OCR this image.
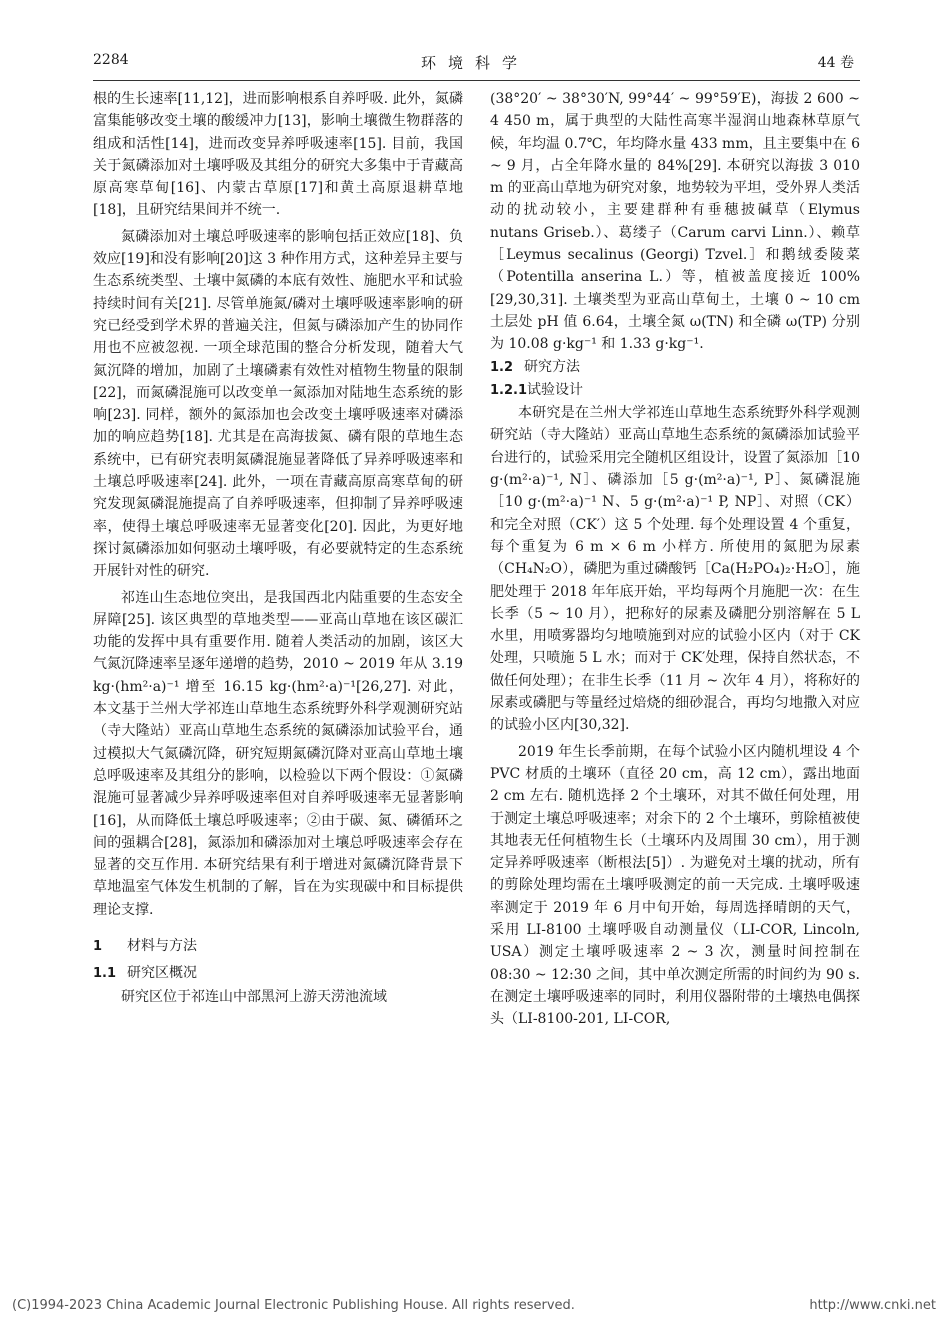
2284	环境科学	44 卷

根的生长速率[11,12]，进而影响根系自养呼吸. 此外，氮磷富集能够改变土壤的酸缓冲力[13]，影响土壤微生物群落的组成和活性[14]，进而改变异养呼吸速率[15]. 目前，我国关于氮磷添加对土壤呼吸及其组分的研究大多集中于青藏高原高寒草甸[16]、内蒙古草原[17]和黄土高原退耕草地[18]，且研究结果间并不统一.

氮磷添加对土壤总呼吸速率的影响包括正效应[18]、负效应[19]和没有影响[20]这 3 种作用方式，这种差异主要与生态系统类型、土壤中氮磷的本底有效性、施肥水平和试验持续时间有关[21]. 尽管单施氮/磷对土壤呼吸速率影响的研究已经受到学术界的普遍关注，但氮与磷添加产生的协同作用也不应被忽视. 一项全球范围的整合分析发现，随着大气氮沉降的增加，加剧了土壤磷素有效性对植物生物量的限制[22]，而氮磷混施可以改变单一氮添加对陆地生态系统的影响[23]. 同样，额外的氮添加也会改变土壤呼吸速率对磷添加的响应趋势[18]. 尤其是在高海拔氮、磷有限的草地生态系统中，已有研究表明氮磷混施显著降低了异养呼吸速率和土壤总呼吸速率[24]. 此外，一项在青藏高原高寒草甸的研究发现氮磷混施提高了自养呼吸速率，但抑制了异养呼吸速率，使得土壤总呼吸速率无显著变化[20]. 因此，为更好地探讨氮磷添加如何驱动土壤呼吸，有必要就特定的生态系统开展针对性的研究.

祁连山生态地位突出，是我国西北内陆重要的生态安全屏障[25]. 该区典型的草地类型——亚高山草地在该区碳汇功能的发挥中具有重要作用. 随着人类活动的加剧，该区大气氮沉降速率呈逐年递增的趋势，2010 ~ 2019 年从 3.19 kg·(hm²·a)⁻¹ 增至 16.15 kg·(hm²·a)⁻¹[26,27]. 对此，本文基于兰州大学祁连山草地生态系统野外科学观测研究站（寺大隆站）亚高山草地生态系统的氮磷添加试验平台，通过模拟大气氮磷沉降，研究短期氮磷沉降对亚高山草地土壤总呼吸速率及其组分的影响，以检验以下两个假设：①氮磷混施可显著减少异养呼吸速率但对自养呼吸速率无显著影响[16]，从而降低土壤总呼吸速率；②由于碳、氮、磷循环之间的强耦合[28]，氮添加和磷添加对土壤总呼吸速率会存在显著的交互作用. 本研究结果有利于增进对氮磷沉降背景下草地温室气体发生机制的了解，旨在为实现碳中和目标提供理论支撑.

1 材料与方法
1.1 研究区概况

研究区位于祁连山中部黑河上游天涝池流域

(38°20′ ~ 38°30′N, 99°44′ ~ 99°59′E)，海拔 2 600 ~ 4 450 m，属于典型的大陆性高寒半湿润山地森林草原气候，年均温 0.7℃，年均降水量 433 mm，且主要集中在 6 ~ 9 月，占全年降水量的 84%[29]. 本研究以海拔 3 010 m 的亚高山草地为研究对象，地势较为平坦，受外界人类活动的扰动较小，主要建群种有垂穗披碱草（Elymus nutans Griseb.）、葛缕子（Carum carvi Linn.）、赖草［Leymus secalinus (Georgi) Tzvel.］和鹅绒委陵菜（Potentilla anserina L.）等，植被盖度接近 100%[29,30,31]. 土壤类型为亚高山草甸土，土壤 0 ~ 10 cm 土层处 pH 值 6.64，土壤全氮 ω(TN) 和全磷 ω(TP) 分别为 10.08 g·kg⁻¹ 和 1.33 g·kg⁻¹.

1.2 研究方法
1.2.1试验设计

本研究是在兰州大学祁连山草地生态系统野外科学观测研究站（寺大隆站）亚高山草地生态系统的氮磷添加试验平台进行的，试验采用完全随机区组设计，设置了氮添加［10 g·(m²·a)⁻¹, N］、磷添加［5 g·(m²·a)⁻¹, P］、氮磷混施［10 g·(m²·a)⁻¹ N、5 g·(m²·a)⁻¹ P, NP］、对照（CK）和完全对照（CK′）这 5 个处理. 每个处理设置 4 个重复，每个重复为 6 m × 6 m 小样方. 所使用的氮肥为尿素（CH₄N₂O），磷肥为重过磷酸钙［Ca(H₂PO₄)₂·H₂O］，施肥处理于 2018 年年底开始，平均每两个月施肥一次：在生长季（5 ~ 10 月），把称好的尿素及磷肥分别溶解在 5 L 水里，用喷雾器均匀地喷施到对应的试验小区内（对于 CK 处理，只喷施 5 L 水；而对于 CK′处理，保持自然状态，不做任何处理）；在非生长季（11 月 ~ 次年 4 月），将称好的尿素或磷肥与等量经过焙烧的细砂混合，再均匀地撒入对应的试验小区内[30,32].

2019 年生长季前期，在每个试验小区内随机埋设 4 个 PVC 材质的土壤环（直径 20 cm，高 12 cm），露出地面 2 cm 左右. 随机选择 2 个土壤环，对其不做任何处理，用于测定土壤总呼吸速率；对余下的 2 个土壤环，剪除植被使其地表无任何植物生长（土壤环内及周围 30 cm），用于测定异养呼吸速率（断根法[5]）. 为避免对土壤的扰动，所有的剪除处理均需在土壤呼吸测定的前一天完成. 土壤呼吸速率测定于 2019 年 6 月中旬开始，每周选择晴朗的天气，采用 LI-8100 土壤呼吸自动测量仪（LI-COR, Lincoln, USA）测定土壤呼吸速率 2 ~ 3 次，测量时间控制在 08:30 ~ 12:30 之间，其中单次测定所需的时间约为 90 s. 在测定土壤呼吸速率的同时，利用仪器附带的土壤热电偶探头（LI-8100-201, LI-COR,

(C)1994-2023 China Academic Journal Electronic Publishing House. All rights reserved.	http://www.cnki.net
